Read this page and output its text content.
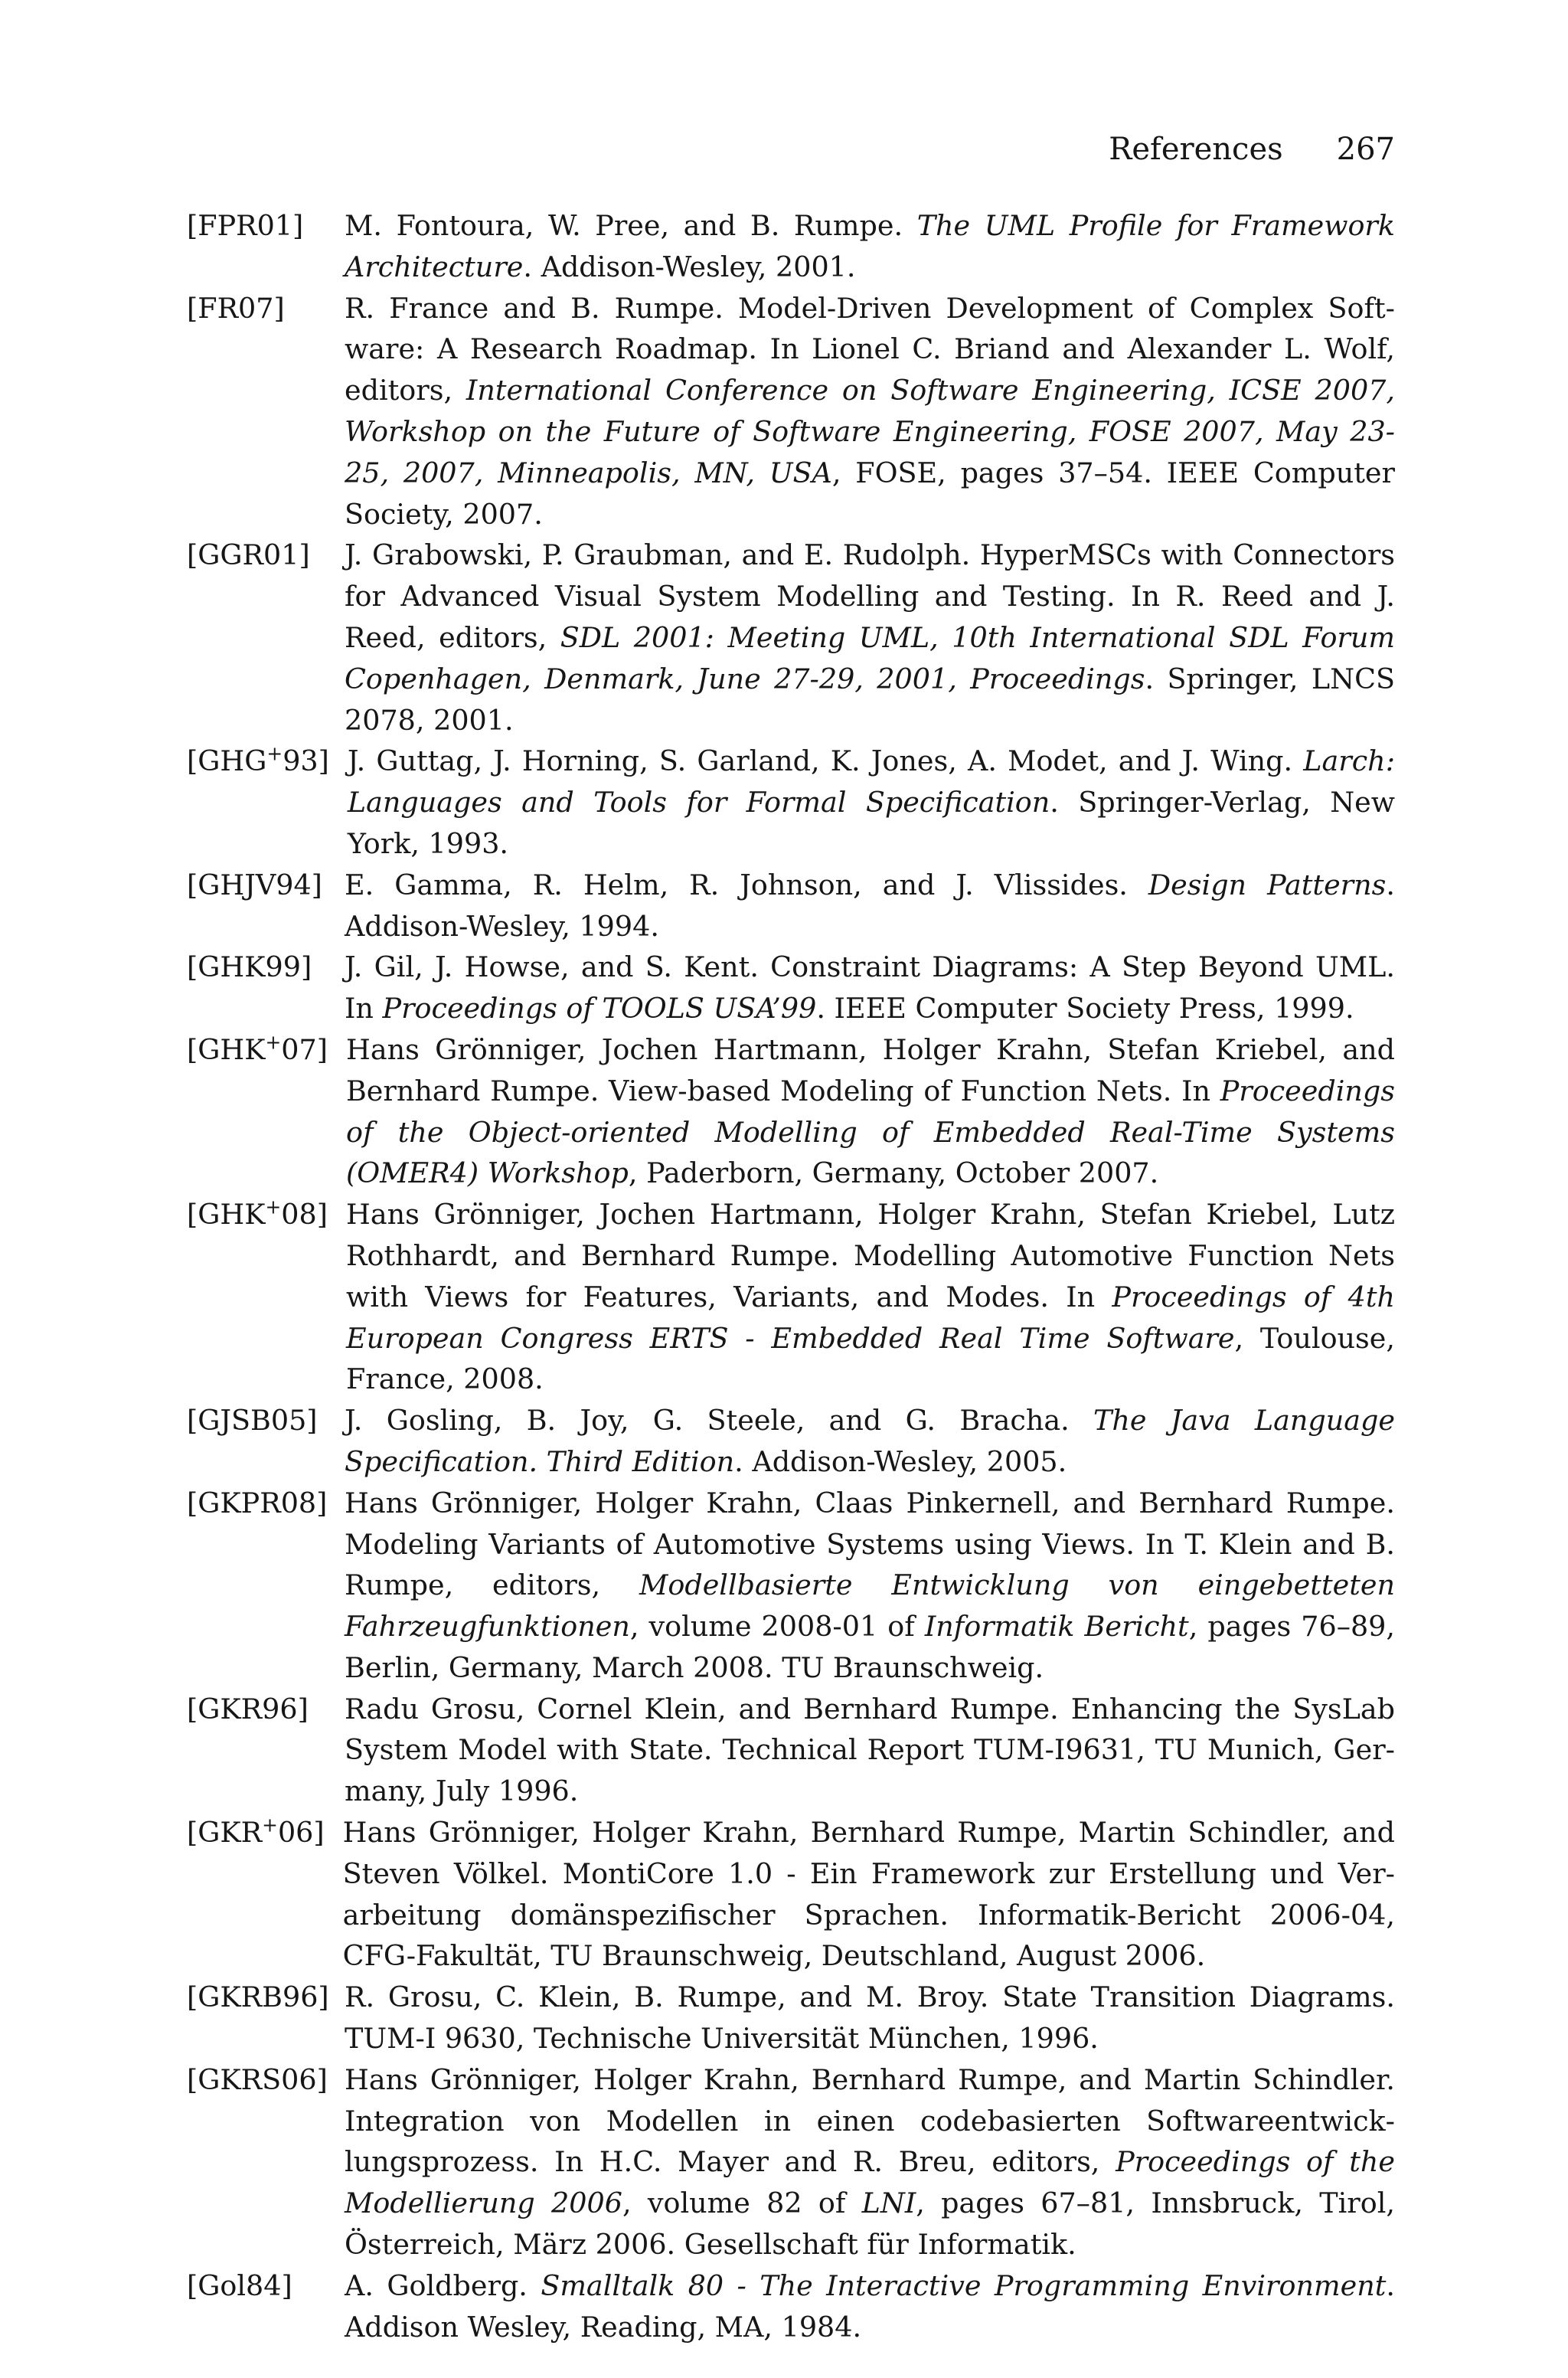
References 267
[FPR01]	M. Fontoura, W. Pree, and B. Rumpe. The UML Profile for Framework Architecture. Addison-Wesley, 2001.
[FR07]	R. France and B. Rumpe. Model-Driven Development of Complex Software: A Research Roadmap. In Lionel C. Briand and Alexander L. Wolf, editors, International Conference on Software Engineering, ICSE 2007, Workshop on the Future of Software Engineering, FOSE 2007, May 23-25, 2007, Minneapolis, MN, USA, FOSE, pages 37–54. IEEE Computer Society, 2007.
[GGR01]	J. Grabowski, P. Graubman, and E. Rudolph. HyperMSCs with Connectors for Advanced Visual System Modelling and Testing. In R. Reed and J. Reed, editors, SDL 2001: Meeting UML, 10th International SDL Forum Copenhagen, Denmark, June 27-29, 2001, Proceedings. Springer, LNCS 2078, 2001.
[GHG+93] J. Guttag, J. Horning, S. Garland, K. Jones, A. Modet, and J. Wing. Larch: Languages and Tools for Formal Specification. Springer-Verlag, New York, 1993.
[GHJV94] E. Gamma, R. Helm, R. Johnson, and J. Vlissides. Design Patterns. Addison-Wesley, 1994.
[GHK99]	J. Gil, J. Howse, and S. Kent. Constraint Diagrams: A Step Beyond UML. In Proceedings of TOOLS USA’99. IEEE Computer Society Press, 1999.
[GHK+07] Hans Grönniger, Jochen Hartmann, Holger Krahn, Stefan Kriebel, and Bernhard Rumpe. View-based Modeling of Function Nets. In Proceedings of the Object-oriented Modelling of Embedded Real-Time Systems (OMER4) Workshop, Paderborn, Germany, October 2007.
[GHK+08] Hans Grönniger, Jochen Hartmann, Holger Krahn, Stefan Kriebel, Lutz Rothhardt, and Bernhard Rumpe. Modelling Automotive Function Nets with Views for Features, Variants, and Modes. In Proceedings of 4th European Congress ERTS - Embedded Real Time Software, Toulouse, France, 2008.
[GJSB05] J. Gosling, B. Joy, G. Steele, and G. Bracha. The Java Language Specification. Third Edition. Addison-Wesley, 2005.
[GKPR08] Hans Grönniger, Holger Krahn, Claas Pinkernell, and Bernhard Rumpe. Modeling Variants of Automotive Systems using Views. In T. Klein and B. Rumpe, editors, Modellbasierte Entwicklung von eingebetteten Fahrzeugfunktionen, volume 2008-01 of Informatik Bericht, pages 76–89, Berlin, Germany, March 2008. TU Braunschweig.
[GKR96]	Radu Grosu, Cornel Klein, and Bernhard Rumpe. Enhancing the SysLab System Model with State. Technical Report TUM-I9631, TU Munich, Germany, July 1996.
[GKR+06] Hans Grönniger, Holger Krahn, Bernhard Rumpe, Martin Schindler, and Steven Völkel. MontiCore 1.0 - Ein Framework zur Erstellung und Verarbeitung domänspezifischer Sprachen. Informatik-Bericht 2006-04, CFG-Fakultät, TU Braunschweig, Deutschland, August 2006.
[GKRB96] R. Grosu, C. Klein, B. Rumpe, and M. Broy. State Transition Diagrams. TUM-I 9630, Technische Universität München, 1996.
[GKRS06] Hans Grönniger, Holger Krahn, Bernhard Rumpe, and Martin Schindler. Integration von Modellen in einen codebasierten Softwareentwicklungsprozess. In H.C. Mayer and R. Breu, editors, Proceedings of the Modellierung 2006, volume 82 of LNI, pages 67–81, Innsbruck, Tirol, Österreich, März 2006. Gesellschaft für Informatik.
[Gol84]	A. Goldberg. Smalltalk 80 - The Interactive Programming Environment. Addison Wesley, Reading, MA, 1984.
